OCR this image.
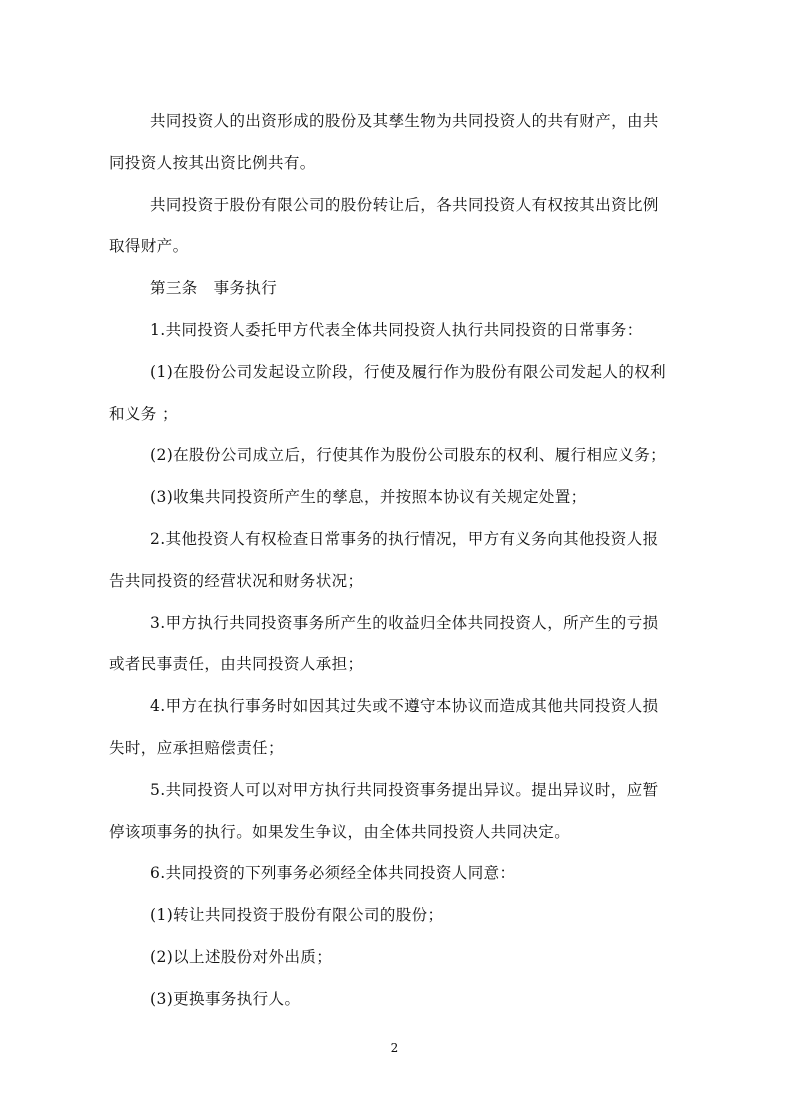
共同投资人的出资形成的股份及其孳生物为共同投资人的共有财产，由共
同投资人按其出资比例共有。
共同投资于股份有限公司的股份转让后，各共同投资人有权按其出资比例
取得财产。
第三条　事务执行
1.共同投资人委托甲方代表全体共同投资人执行共同投资的日常事务：
(1)在股份公司发起设立阶段，行使及履行作为股份有限公司发起人的权利
和义务 ；
(2)在股份公司成立后，行使其作为股份公司股东的权利、履行相应义务；
(3)收集共同投资所产生的孳息，并按照本协议有关规定处置；
2.其他投资人有权检查日常事务的执行情况，甲方有义务向其他投资人报
告共同投资的经营状况和财务状况；
3.甲方执行共同投资事务所产生的收益归全体共同投资人，所产生的亏损
或者民事责任，由共同投资人承担；
4.甲方在执行事务时如因其过失或不遵守本协议而造成其他共同投资人损
失时，应承担赔偿责任；
5.共同投资人可以对甲方执行共同投资事务提出异议。提出异议时，应暂
停该项事务的执行。如果发生争议，由全体共同投资人共同决定。
6.共同投资的下列事务必须经全体共同投资人同意：
(1)转让共同投资于股份有限公司的股份；
(2)以上述股份对外出质；
(3)更换事务执行人。
2
